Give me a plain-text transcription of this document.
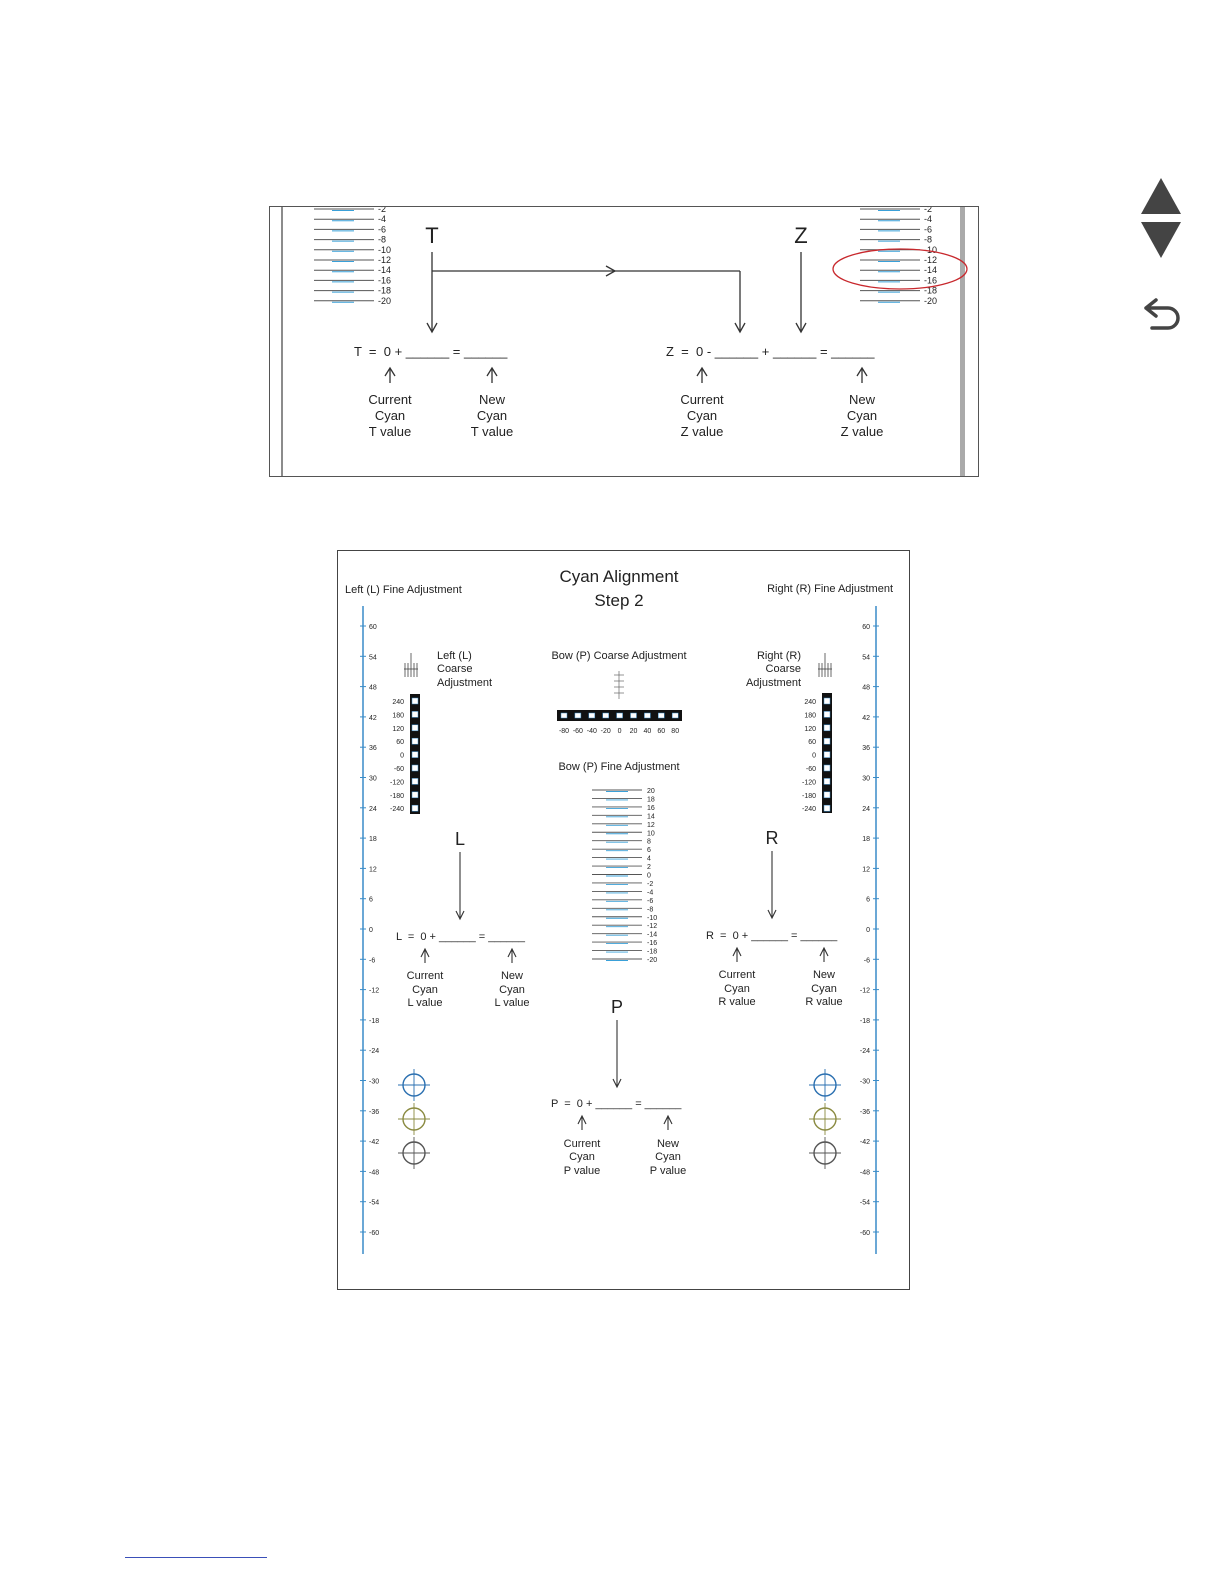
-2
-4
-6
-8
-10
-12
-14
-16
-18
-20
-2
-4
-6
-8
-10
-12
-14
-16
-18
-20
T	Z
T  =  0 + ______ = ______	Z  =  0 - ______ + ______ = ______
Current
Cyan
T value
New
Cyan
T value
Current
Cyan
Z value
New
Cyan
Z value
Cyan Alignment
Step 2
Left (L) Fine Adjustment	Right (R) Fine Adjustment
60
54
48
42
36
30
24
18
12
6
0
-6
-12
-18
-24
-30
-36
-42
-48
-54
-60
60
54
48
42
36
30
24
18
12
6
0
-6
-12
-18
-24
-30
-36
-42
-48
-54
-60
Left (L)
Coarse
Adjustment
Right (R)
Coarse
Adjustment
Bow (P) Coarse Adjustment
Bow (P) Fine Adjustment
240
180
120
60
0
-60
-120
-180
-240
240
180
120
60
0
-60
-120
-180
-240
-80 -60 -40 -20 0 20 40 60 80
20
18
16
14
12
10
8
6
4
2
0
-2
-4
-6
-8
-10
-12
-14
-16
-18
-20
L	R
P
L  =  0 + ______ = ______	R  =  0 + ______ = ______
P  =  0 + ______ = ______
Current
Cyan
L value
New
Cyan
L value
Current
Cyan
R value
New
Cyan
R value
Current
Cyan
P value
New
Cyan
P value
